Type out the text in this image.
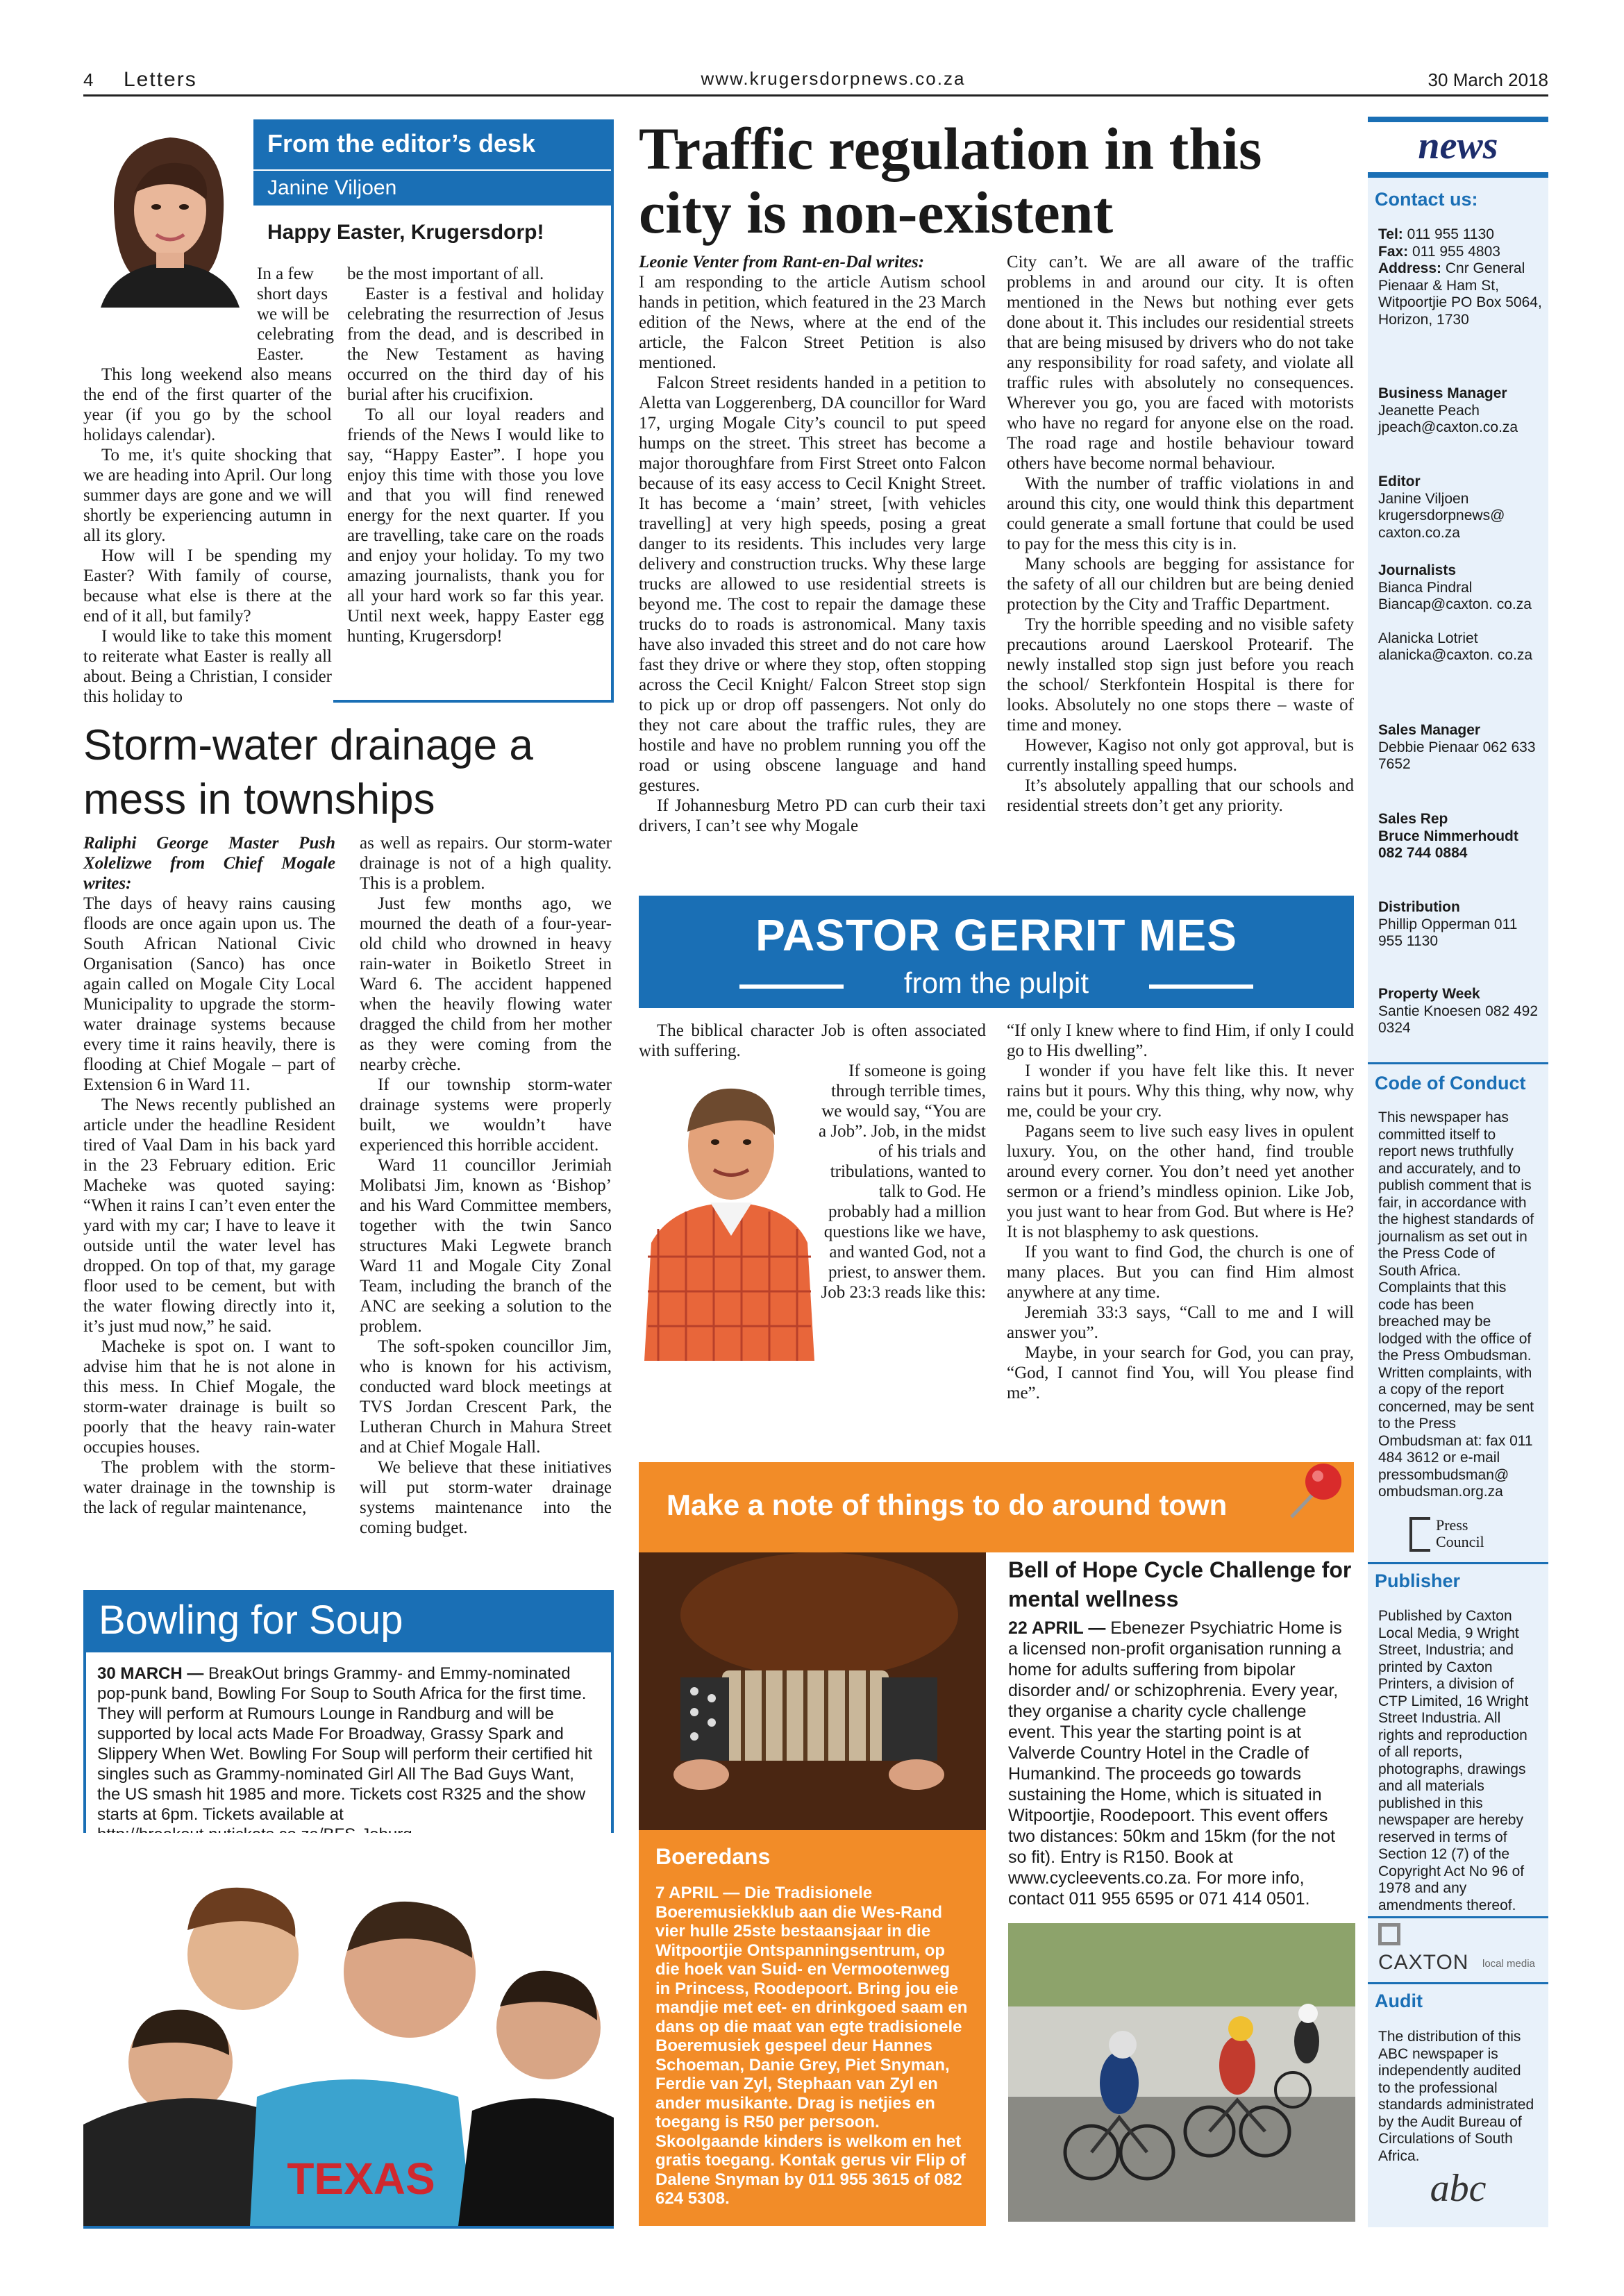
4 Letters	www.krugersdorpnews.co.za	30 March 2018
From the editor’s desk
Janine Viljoen
Happy Easter, Krugersdorp!

In a few short days we will be celebrating Easter.

This long weekend also means the end of the first quarter of the year (if you go by the school holidays calendar).

To me, it's quite shocking that we are heading into April. Our long summer days are gone and we will shortly be experiencing autumn in all its glory.

How will I be spending my Easter? With family of course, because what else is there at the end of it all, but family?

I would like to take this moment to reiterate what Easter is really all about. Being a Christian, I consider this holiday to

be the most important of all.

Easter is a festival and holiday celebrating the resurrection of Jesus from the dead, and is described in the New Testament as having occurred on the third day of his burial after his crucifixion.

To all our loyal readers and friends of the News I would like to say, “Happy Easter”. I hope you enjoy this time with those you love and that you will find renewed energy for the next quarter. If you are travelling, take care on the roads and enjoy your holiday. To my two amazing journalists, thank you for all your hard work so far this year. Until next week, happy Easter egg hunting, Krugersdorp!

Storm-water drainage a mess in townships

Raliphi George Master Push Xolelizwe from Chief Mogale writes:

The days of heavy rains causing floods are once again upon us. The South African National Civic Organisation (Sanco) has once again called on Mogale City Local Municipality to upgrade the storm-water drainage systems because every time it rains heavily, there is flooding at Chief Mogale – part of Extension 6 in Ward 11.

The News recently published an article under the headline Resident tired of Vaal Dam in his back yard in the 23 February edition. Eric Macheke was quoted saying: “When it rains I can’t even enter the yard with my car; I have to leave it outside until the water level has dropped. On top of that, my garage floor used to be cement, but with the water flowing directly into it, it’s just mud now,” he said.

Macheke is spot on. I want to advise him that he is not alone in this mess. In Chief Mogale, the storm-water drainage is built so poorly that the heavy rain-water occupies houses.

The problem with the storm-water drainage in the township is the lack of regular maintenance,

as well as repairs. Our storm-water drainage is not of a high quality. This is a problem.

Just few months ago, we mourned the death of a four-year-old child who drowned in heavy rain-water in Boiketlo Street in Ward 6. The accident happened when the heavily flowing water dragged the child from her mother as they were coming from the nearby crèche.

If our township storm-water drainage systems were properly built, we wouldn’t have experienced this horrible accident.

Ward 11 councillor Jerimiah Molibatsi Jim, known as ‘Bishop’ and his Ward Committee members, together with the twin Sanco structures Maki Legwete branch Ward 11 and Mogale City Zonal Team, including the branch of the ANC are seeking a solution to the problem.

The soft-spoken councillor Jim, who is known for his activism, conducted ward block meetings at TVS Jordan Crescent Park, the Lutheran Church in Mahura Street and at Chief Mogale Hall.

We believe that these initiatives will put storm-water drainage systems maintenance into the coming budget.

Traffic regulation in this city is non-existent

Leonie Venter from Rant-en-Dal writes:

I am responding to the article Autism school hands in petition, which featured in the 23 March edition of the News, where at the end of the article, the Falcon Street Petition is also mentioned.

Falcon Street residents handed in a petition to Aletta van Loggerenberg, DA councillor for Ward 17, urging Mogale City’s council to put speed humps on the street. This street has become a major thoroughfare from First Street onto Falcon because of its easy access to Cecil Knight Street. It has become a ‘main’ street, [with vehicles travelling] at very high speeds, posing a great danger to its residents. This includes very large delivery and construction trucks. Why these large trucks are allowed to use residential streets is beyond me. The cost to repair the damage these trucks do to roads is astronomical. Many taxis have also invaded this street and do not care how fast they drive or where they stop, often stopping across the Cecil Knight/ Falcon Street stop sign to pick up or drop off passengers. Not only do they not care about the traffic rules, they are hostile and have no problem running you off the road or using obscene language and hand gestures.

If Johannesburg Metro PD can curb their taxi drivers, I can’t see why Mogale

City can’t. We are all aware of the traffic problems in and around our city. It is often mentioned in the News but nothing ever gets done about it. This includes our residential streets that are being misused by drivers who do not take any responsibility for road safety, and violate all traffic rules with absolutely no consequences. Wherever you go, you are faced with motorists who have no regard for anyone else on the road. The road rage and hostile behaviour toward others have become normal behaviour.

With the number of traffic violations in and around this city, one would think this department could generate a small fortune that could be used to pay for the mess this city is in.

Many schools are begging for assistance for the safety of all our children but are being denied protection by the City and Traffic Department.

Try the horrible speeding and no visible safety precautions around Laerskool Protearif. The newly installed stop sign just before you reach the school/ Sterkfontein Hospital is there for looks. Absolutely no one stops there – waste of time and money.

However, Kagiso not only got approval, but is currently installing speed humps.

It’s absolutely appalling that our schools and residential streets don’t get any priority.

PASTOR GERRIT MES
from the pulpit

The biblical character Job is often associated with suffering.

If someone is going through terrible times, we would say, “You are a Job”. Job, in the midst of his trials and tribulations, wanted to talk to God. He probably had a million questions like we have, and wanted God, not a priest, to answer them. Job 23:3 reads like this:

“If only I knew where to find Him, if only I could go to His dwelling”.

I wonder if you have felt like this. It never rains but it pours. Why this thing, why now, why me, could be your cry.

Pagans seem to live such easy lives in opulent luxury. You, on the other hand, find trouble around every corner. You don’t need yet another sermon or a friend’s mindless opinion. Like Job, you just want to hear from God. But where is He? It is not blasphemy to ask questions.

If you want to find God, the church is one of many places. But you can find Him almost anywhere at any time.

Jeremiah 33:3 says, “Call to me and I will answer you”.

Maybe, in your search for God, you can pray, “God, I cannot find You, will You please find me”.

Make a note of things to do around town
Boeredans
7 APRIL — Die Tradisionele Boeremusiekklub aan die Wes-Rand vier hulle 25ste bestaansjaar in die Witpoortjie Ontspanningsentrum, op die hoek van Suid- en Vermootenweg in Princess, Roodepoort. Bring jou eie mandjie met eet- en drinkgoed saam en dans op die maat van egte tradisionele Boeremusiek gespeel deur Hannes Schoeman, Danie Grey, Piet Snyman, Ferdie van Zyl, Stephaan van Zyl en ander musikante. Drag is netjies en toegang is R50 per persoon. Skoolgaande kinders is welkom en het gratis toegang. Kontak gerus vir Flip of Dalene Snyman by 011 955 3615 of 082 624 5308.
Bell of Hope Cycle Challenge for mental wellness
22 APRIL — Ebenezer Psychiatric Home is a licensed non-profit organisation running a home for adults suffering from bipolar disorder and/ or schizophrenia. Every year, they organise a charity cycle challenge event. This year the starting point is at Valverde Country Hotel in the Cradle of Humankind. The proceeds go towards sustaining the Home, which is situated in Witpoortjie, Roodepoort. This event offers two distances: 50km and 15km (for the not so fit). Entry is R150. Book at www.cycleevents.co.za. For more info, contact 011 955 6595 or 071 414 0501.
Bowling for Soup
30 MARCH — BreakOut brings Grammy- and Emmy-nominated pop-punk band, Bowling For Soup to South Africa for the first time. They will perform at Rumours Lounge in Randburg and will be supported by local acts Made For Broadway, Grassy Spark and Slippery When Wet. Bowling For Soup will perform their certified hit singles such as Grammy-nominated Girl All The Bad Guys Want, the US smash hit 1985 and more. Tickets cost R325 and the show starts at 6pm. Tickets available at
TEXAS
news
Contact us:
Tel: 011 955 1130
Fax: 011 955 4803
Address: Cnr General Pienaar & Ham St, Witpoortjie PO Box 5064, Horizon, 1730
Business Manager
Jeanette Peach jpeach@caxton.co.za
Editor
Janine Viljoen krugersdorpnews@ caxton.co.za
Journalists
Bianca Pindral Biancap@caxton. co.za
Alanicka Lotriet alanicka@caxton. co.za
Sales Manager
Debbie Pienaar 062 633 7652
Sales Rep
Bruce Nimmerhoudt 082 744 0884
Distribution
Phillip Opperman 011 955 1130
Property Week
Santie Knoesen 082 492 0324
Code of Conduct
This newspaper has committed itself to report news truthfully and accurately, and to publish comment that is fair, in accordance with the highest standards of journalism as set out in the Press Code of South Africa. Complaints that this code has been breached may be lodged with the office of the Press Ombudsman. Written complaints, with a copy of the report concerned, may be sent to the Press Ombudsman at: fax 011 484 3612 or e-mail pressombudsman@ ombudsman.org.za
Press Council
Publisher
Published by Caxton Local Media, 9 Wright Street, Industria; and printed by Caxton Printers, a division of CTP Limited, 16 Wright Street Industria. All rights and reproduction of all reports, photographs, drawings and all materials published in this newspaper are hereby reserved in terms of Section 12 (7) of the Copyright Act No 96 of 1978 and any amendments thereof.
CAXTON local media
Audit
The distribution of this ABC newspaper is independently audited to the professional standards administrated by the Audit Bureau of Circulations of South Africa.
abc
